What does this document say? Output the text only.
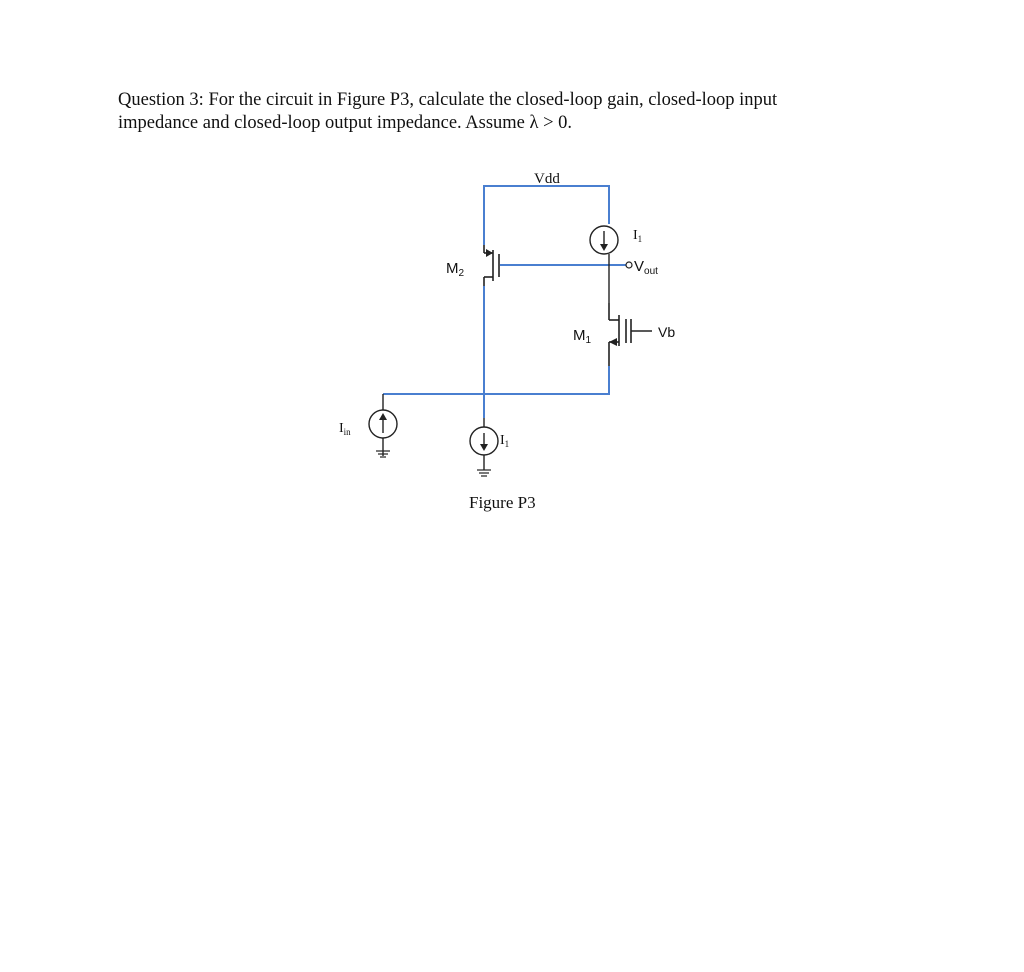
Question 3: For the circuit in Figure P3, calculate the closed-loop gain, closed-loop input

impedance and closed-loop output impedance. Assume λ > 0.

Vdd
$M_2$
$M_1$
$V_{out}$
Vb
$I_1$
$I_1$
$I_{in}$
Figure P3
